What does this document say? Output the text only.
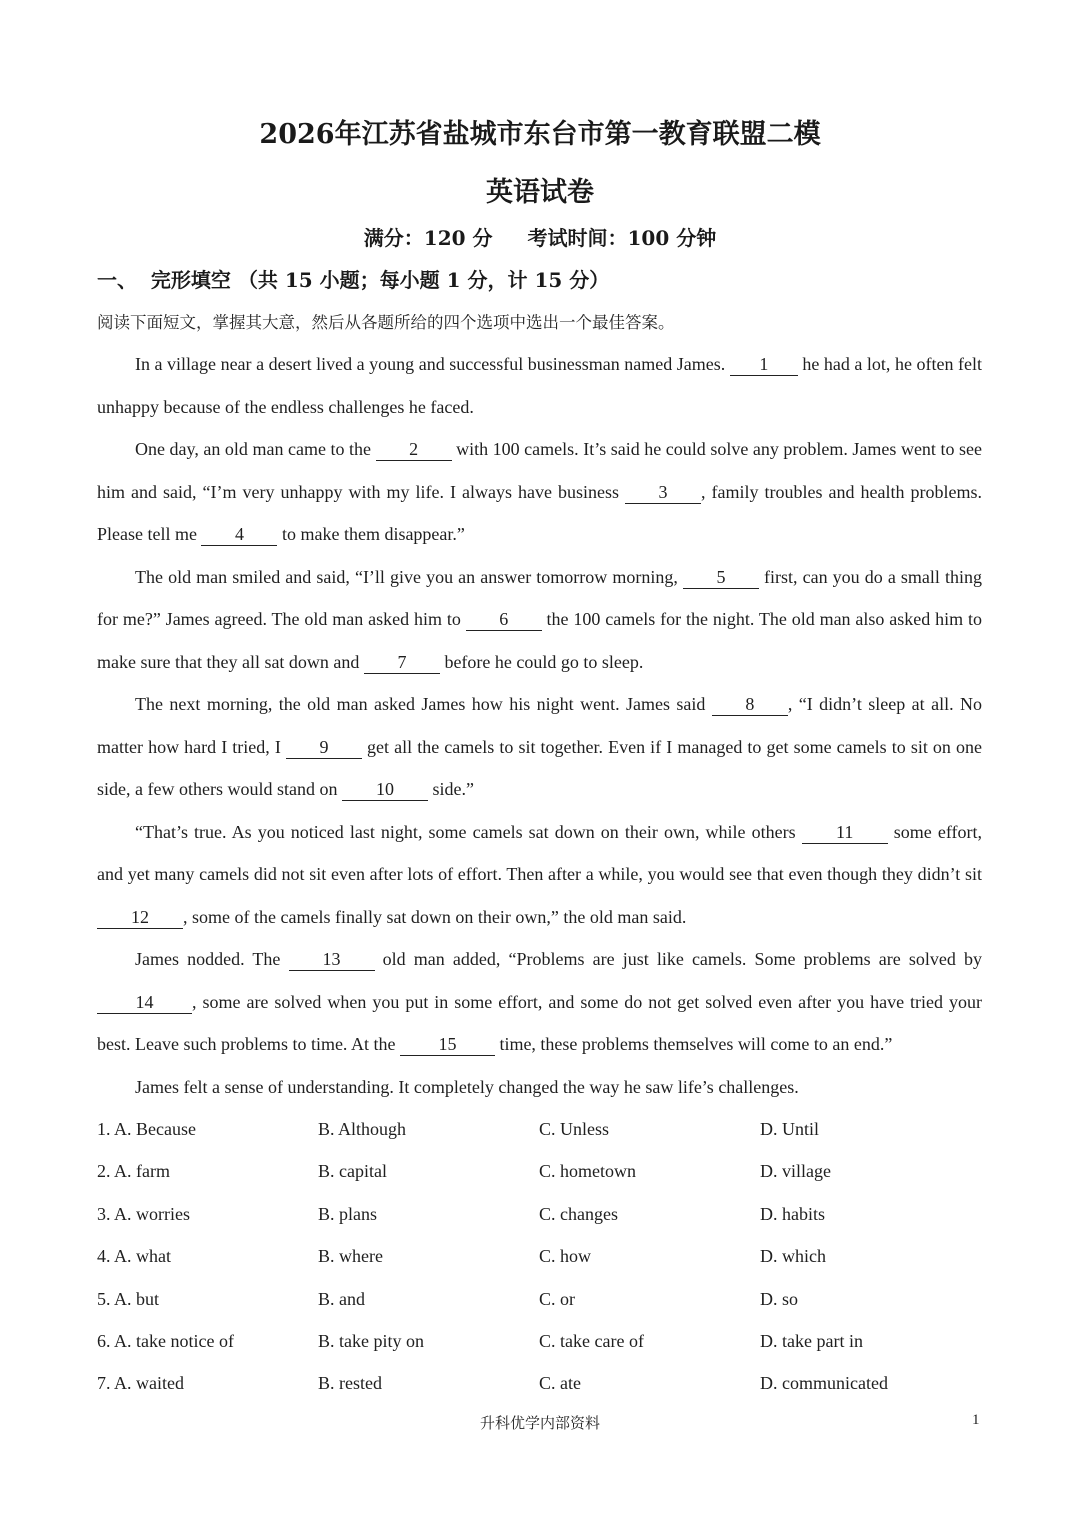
2026年江苏省盐城市东台市第一教育联盟二模
英语试卷
满分：120 分 考试时间：100 分钟
一、  完形填空 （共 15 小题；每小题 1 分，计 15 分）
阅读下面短文，掌握其大意，然后从各题所给的四个选项中选出一个最佳答案。

In a village near a desert lived a young and successful businessman named James. 1 he had a lot, he often felt unhappy because of the endless challenges he faced.

One day, an old man came to the 2 with 100 camels. It’s said he could solve any problem. James went to see him and said, “I’m very unhappy with my life. I always have business 3 , family troubles and health problems. Please tell me 4 to make them disappear.”

The old man smiled and said, “I’ll give you an answer tomorrow morning, 5 first, can you do a small thing for me?” James agreed. The old man asked him to 6 the 100 camels for the night. The old man also asked him to make sure that they all sat down and 7 before he could go to sleep.

The next morning, the old man asked James how his night went. James said 8 , “I didn’t sleep at all. No matter how hard I tried, I 9 get all the camels to sit together. Even if I managed to get some camels to sit on one side, a few others would stand on 10 side.”

“That’s true. As you noticed last night, some camels sat down on their own, while others 11 some effort, and yet many camels did not sit even after lots of effort. Then after a while, you would see that even though they didn’t sit 12 , some of the camels finally sat down on their own,” the old man said.

James nodded. The 13 old man added, “Problems are just like camels. Some problems are solved by 14 , some are solved when you put in some effort, and some do not get solved even after you have tried your best. Leave such problems to time. At the 15 time, these problems themselves will come to an end.”

James felt a sense of understanding. It completely changed the way he saw life’s challenges.

1. A. Because	B. Although	C. Unless	D. Until
2. A. farm	B. capital	C. hometown	D. village
3. A. worries	B. plans	C. changes	D. habits
4. A. what	B. where	C. how	D. which
5. A. but	B. and	C. or	D. so
6. A. take notice of	B. take pity on	C. take care of	D. take part in
7. A. waited	B. rested	C. ate	D. communicated
升科优学内部资料	1
